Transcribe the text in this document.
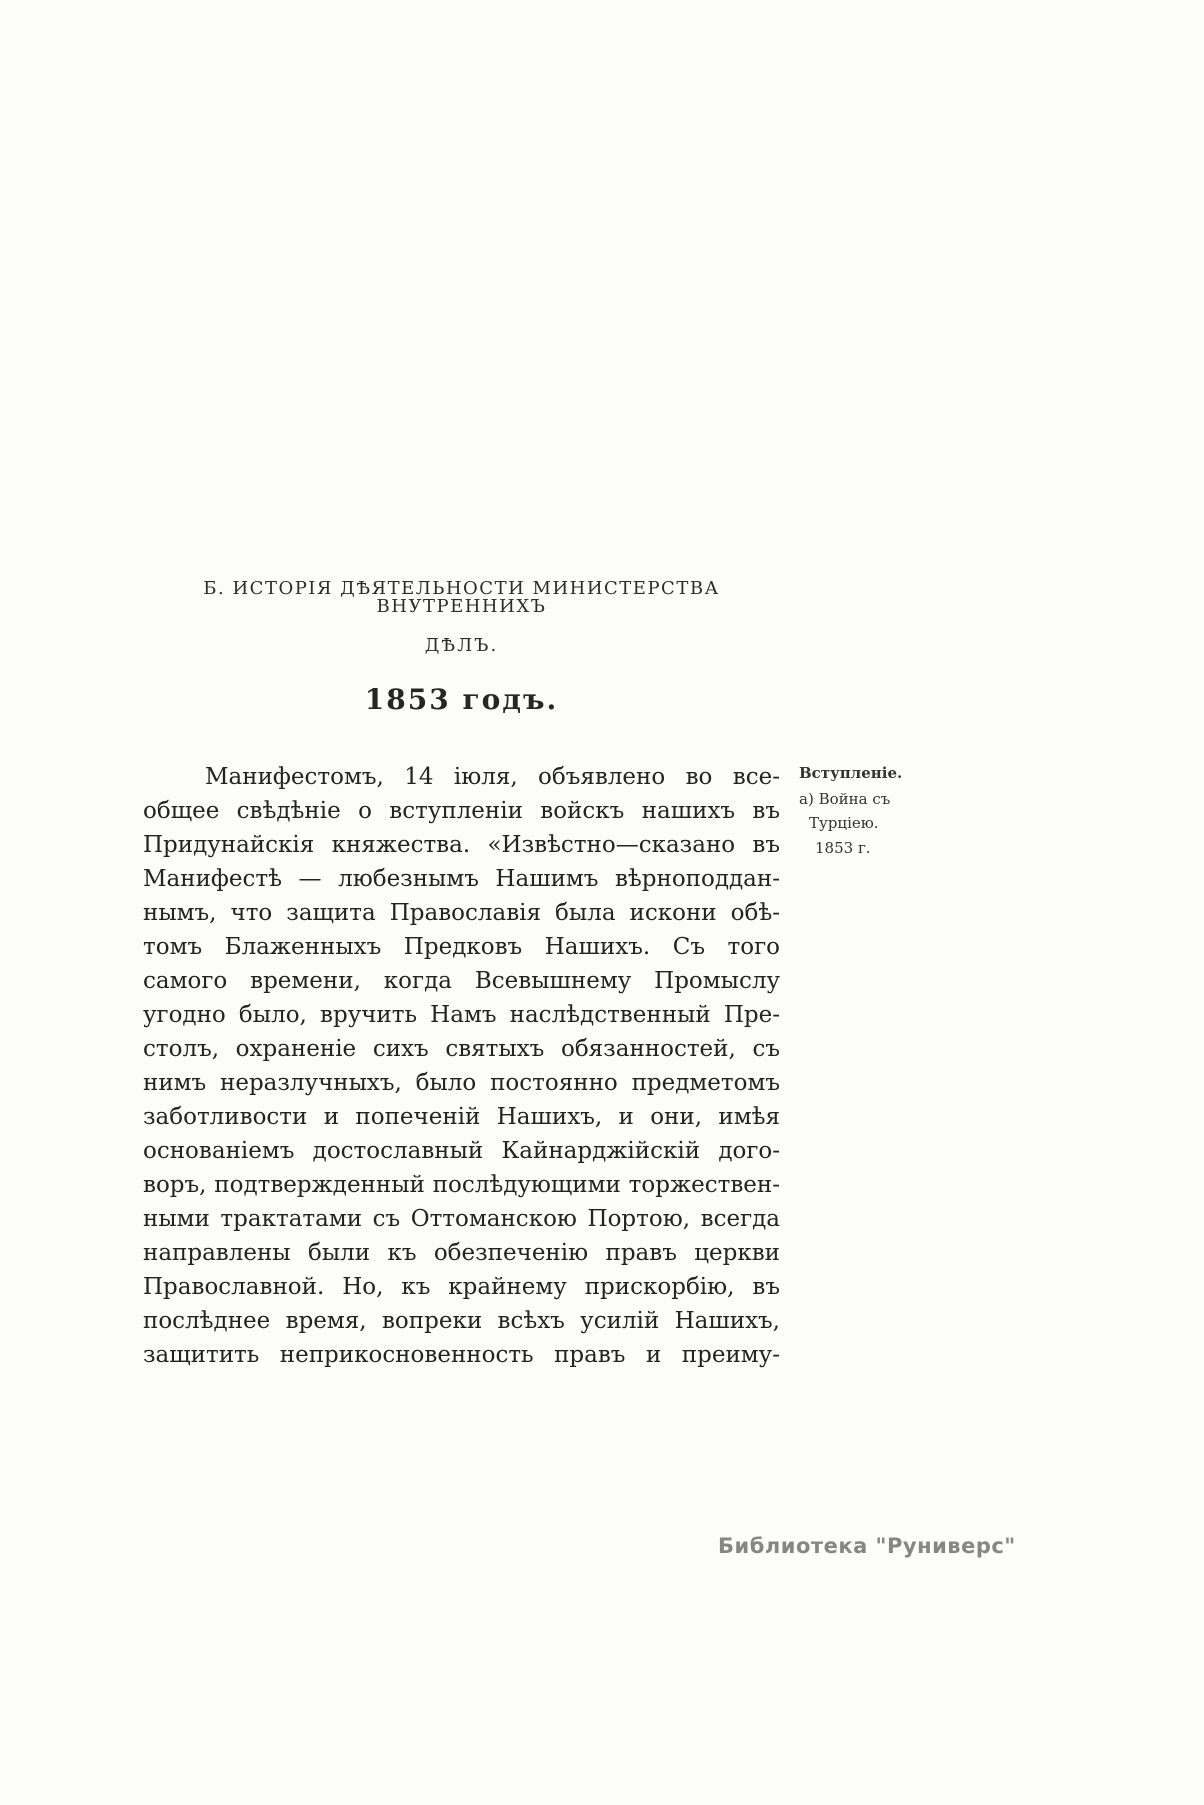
Б. ИСТОРІЯ ДѢЯТЕЛЬНОСТИ МИНИСТЕРСТВА ВНУТРЕННИХЪ
ДѢЛЪ.
1853 годъ.
Манифестомъ, 14 іюля, объявлено во все-
общее свѣдѣніе о вступленіи войскъ нашихъ въ
Придунайскія княжества. «Извѣстно—сказано въ
Манифестѣ — любезнымъ Нашимъ вѣрноподдан-
нымъ, что защита Православія была искони обѣ-
томъ Блаженныхъ Предковъ Нашихъ. Съ того
самого времени, когда Всевышнему Промыслу
угодно было, вручить Намъ наслѣдственный Пре-
столъ, охраненіе сихъ святыхъ обязанностей, съ
нимъ неразлучныхъ, было постоянно предметомъ
заботливости и попеченій Нашихъ, и они, имѣя
основаніемъ достославный Кайнарджійскій дого-
воръ, подтвержденный послѣдующими торжествен-
ными трактатами съ Оттоманскою Портою, всегда
направлены были къ обезпеченію правъ церкви
Православной. Но, къ крайнему прискорбію, въ
послѣднее время, вопреки всѣхъ усилій Нашихъ,
защитить неприкосновенность правъ и преиму-
Вступленіе.
а) Война съ
Турціею.
1853 г.
Библиотека "Руниверс"
